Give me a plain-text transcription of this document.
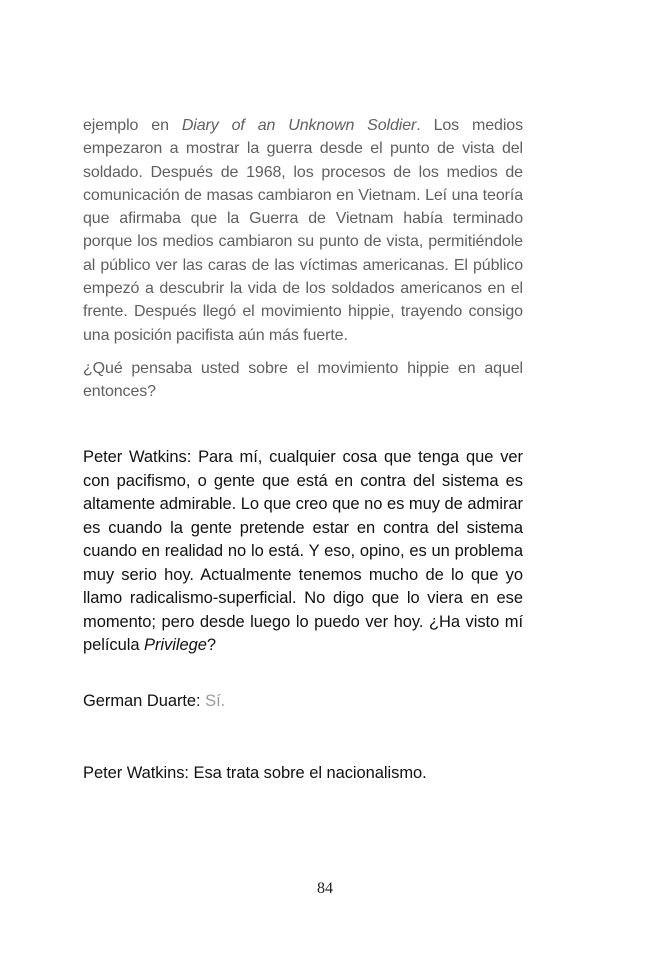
ejemplo en Diary of an Unknown Soldier. Los medios empezaron a mostrar la guerra desde el punto de vista del soldado. Después de 1968, los procesos de los medios de comunicación de masas cambiaron en Vietnam. Leí una teoría que afirmaba que la Guerra de Vietnam había terminado porque los medios cambiaron su punto de vista, permitiéndole al público ver las caras de las víctimas americanas. El público empezó a descubrir la vida de los soldados americanos en el frente. Después llegó el movimiento hippie, trayendo consigo una posición pacifista aún más fuerte.

¿Qué pensaba usted sobre el movimiento hippie en aquel entonces?

Peter Watkins: Para mí, cualquier cosa que tenga que ver con pacifismo, o gente que está en contra del sistema es altamente admirable. Lo que creo que no es muy de admirar es cuando la gente pretende estar en contra del sistema cuando en realidad no lo está. Y eso, opino, es un problema muy serio hoy. Actualmente tenemos mucho de lo que yo llamo radicalismo-superficial. No digo que lo viera en ese momento; pero desde luego lo puedo ver hoy. ¿Ha visto mí película Privilege?

German Duarte: Sí.

Peter Watkins: Esa trata sobre el nacionalismo.

84
